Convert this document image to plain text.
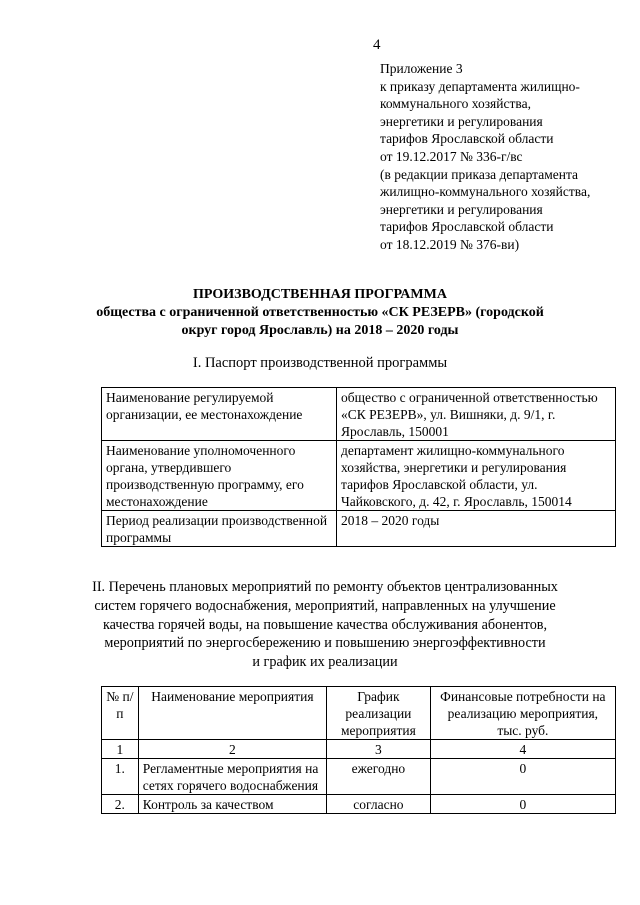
4
Приложение 3
к приказу департамента жилищно-
коммунального хозяйства,
энергетики и регулирования
тарифов Ярославской области
от 19.12.2017 № 336-г/вс
(в редакции приказа департамента
жилищно-коммунального хозяйства,
энергетики и регулирования
тарифов Ярославской области
от 18.12.2019 № 376-ви)
ПРОИЗВОДСТВЕННАЯ ПРОГРАММА
общества с ограниченной ответственностью «СК РЕЗЕРВ» (городской
округ город Ярославль) на 2018 – 2020 годы
I. Паспорт производственной программы
Наименование регулируемой организации, ее местонахождение	общество с ограниченной ответственностью «СК РЕЗЕРВ», ул. Вишняки, д. 9/1, г. Ярославль, 150001
Наименование уполномоченного органа, утвердившего производственную программу, его местонахождение	департамент жилищно-коммунального хозяйства, энергетики и регулирования тарифов Ярославской области, ул. Чайковского, д. 42, г. Ярославль, 150014
Период реализации производственной программы	2018 – 2020 годы
II. Перечень плановых мероприятий по ремонту объектов централизованных
систем горячего водоснабжения, мероприятий, направленных на улучшение
качества горячей воды, на повышение качества обслуживания абонентов,
мероприятий по энергосбережению и повышению энергоэффективности
и график их реализации
№ п/п	Наименование мероприятия	График реализации мероприятия	Финансовые потребности на реализацию мероприятия, тыс. руб.
1	2	3	4
1.	Регламентные мероприятия на сетях горячего водоснабжения	ежегодно	0
2.	Контроль за качеством	согласно	0
